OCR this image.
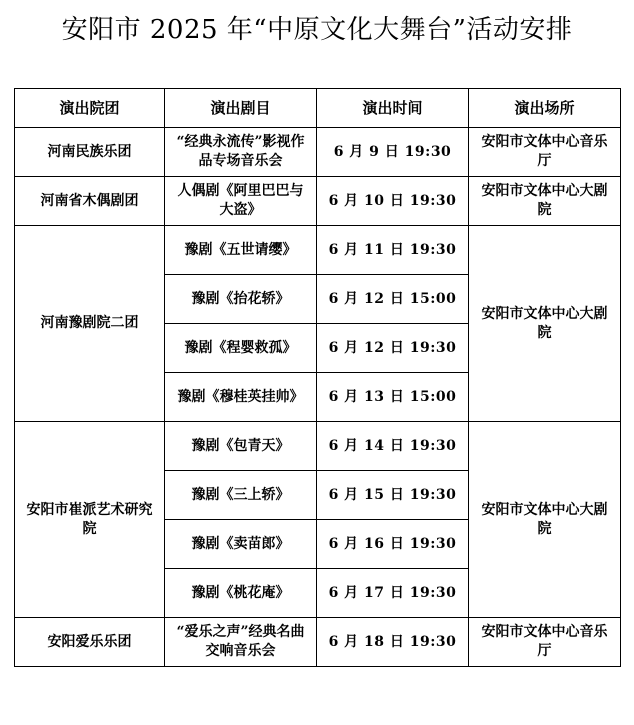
安阳市 2025 年“中原文化大舞台”活动安排
演出院团	演出剧目	演出时间	演出场所
河南民族乐团	“经典永流传”影视作品专场音乐会	6 月 9 日 19:30	安阳市文体中心音乐厅
河南省木偶剧团	人偶剧《阿里巴巴与大盗》	6 月 10 日 19:30	安阳市文体中心大剧院
河南豫剧院二团	豫剧《五世请缨》	6 月 11 日 19:30	安阳市文体中心大剧院
	豫剧《抬花轿》	6 月 12 日 15:00	
	豫剧《程婴救孤》	6 月 12 日 19:30	
	豫剧《穆桂英挂帅》	6 月 13 日 15:00	
安阳市崔派艺术研究院	豫剧《包青天》	6 月 14 日 19:30	安阳市文体中心大剧院
	豫剧《三上轿》	6 月 15 日 19:30	
	豫剧《卖苗郎》	6 月 16 日 19:30	
	豫剧《桃花庵》	6 月 17 日 19:30	
安阳爱乐乐团	“爱乐之声”经典名曲交响音乐会	6 月 18 日 19:30	安阳市文体中心音乐厅
